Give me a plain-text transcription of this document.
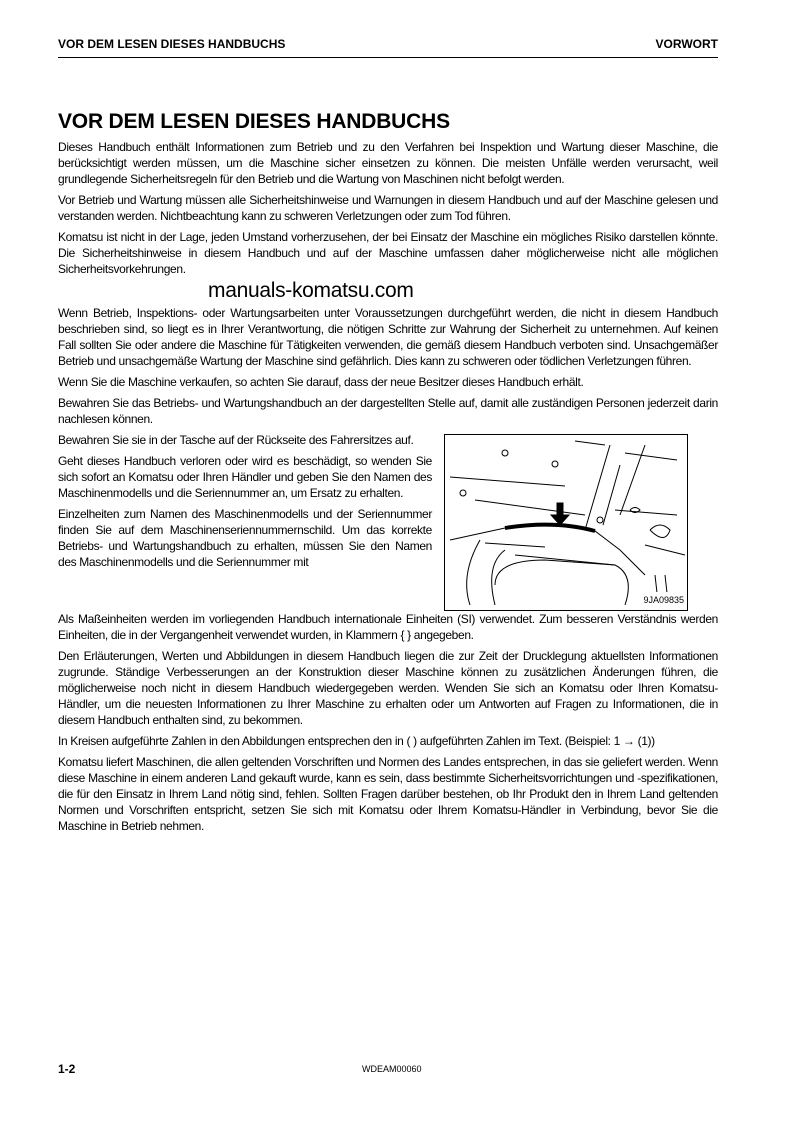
VOR DEM LESEN DIESES HANDBUCHS	VORWORT
VOR DEM LESEN DIESES HANDBUCHS

Dieses Handbuch enthält Informationen zum Betrieb und zu den Verfahren bei Inspektion und Wartung dieser Maschine, die berücksichtigt werden müssen, um die Maschine sicher einsetzen zu können. Die meisten Unfälle werden verursacht, weil grundlegende Sicherheitsregeln für den Betrieb und die Wartung von Maschinen nicht befolgt werden.

Vor Betrieb und Wartung müssen alle Sicherheitshinweise und Warnungen in diesem Handbuch und auf der Maschine gelesen und verstanden werden. Nichtbeachtung kann zu schweren Verletzungen oder zum Tod führen.

Komatsu ist nicht in der Lage, jeden Umstand vorherzusehen, der bei Einsatz der Maschine ein mögliches Risiko darstellen könnte. Die Sicherheitshinweise in diesem Handbuch und auf der Maschine umfassen daher möglicherweise nicht alle möglichen Sicherheitsvorkehrungen.

manuals-komatsu.com

Wenn Betrieb, Inspektions- oder Wartungsarbeiten unter Voraussetzungen durchgeführt werden, die nicht in diesem Handbuch beschrieben sind, so liegt es in Ihrer Verantwortung, die nötigen Schritte zur Wahrung der Sicherheit zu unternehmen. Auf keinen Fall sollten Sie oder andere die Maschine für Tätigkeiten verwenden, die gemäß diesem Handbuch verboten sind. Unsachgemäßer Betrieb und unsachgemäße Wartung der Maschine sind gefährlich. Dies kann zu schweren oder tödlichen Verletzungen führen.

Wenn Sie die Maschine verkaufen, so achten Sie darauf, dass der neue Besitzer dieses Handbuch erhält.

Bewahren Sie das Betriebs- und Wartungshandbuch an der dargestellten Stelle auf, damit alle zuständigen Personen jederzeit darin nachlesen können.

Bewahren Sie sie in der Tasche auf der Rückseite des Fahrersitzes auf.

Geht dieses Handbuch verloren oder wird es beschädigt, so wenden Sie sich sofort an Komatsu oder Ihren Händler und geben Sie den Namen des Maschinenmodells und die Seriennummer an, um Ersatz zu erhalten.

Einzelheiten zum Namen des Maschinenmodells und der Seriennummer finden Sie auf dem Maschinenseriennummernschild. Um das korrekte Betriebs- und Wartungshandbuch zu erhalten, müssen Sie den Namen des Maschinenmodells und die Seriennummer mit

9JA09835

Als Maßeinheiten werden im vorliegenden Handbuch internationale Einheiten (SI) verwendet. Zum besseren Verständnis werden Einheiten, die in der Vergangenheit verwendet wurden, in Klammern { } angegeben.

Den Erläuterungen, Werten und Abbildungen in diesem Handbuch liegen die zur Zeit der Drucklegung aktuellsten Informationen zugrunde. Ständige Verbesserungen an der Konstruktion dieser Maschine können zu zusätzlichen Änderungen führen, die möglicherweise noch nicht in diesem Handbuch wiedergegeben werden. Wenden Sie sich an Komatsu oder Ihren Komatsu-Händler, um die neuesten Informationen zu Ihrer Maschine zu erhalten oder um Antworten auf Fragen zu Informationen, die in diesem Handbuch enthalten sind, zu bekommen.

In Kreisen aufgeführte Zahlen in den Abbildungen entsprechen den in ( ) aufgeführten Zahlen im Text. (Beispiel: 1 → (1))

Komatsu liefert Maschinen, die allen geltenden Vorschriften und Normen des Landes entsprechen, in das sie geliefert werden. Wenn diese Maschine in einem anderen Land gekauft wurde, kann es sein, dass bestimmte Sicherheitsvorrichtungen und -spezifikationen, die für den Einsatz in Ihrem Land nötig sind, fehlen. Sollten Fragen darüber bestehen, ob Ihr Produkt den in Ihrem Land geltenden Normen und Vorschriften entspricht, setzen Sie sich mit Komatsu oder Ihrem Komatsu-Händler in Verbindung, bevor Sie die Maschine in Betrieb nehmen.

1-2	WDEAM00060
